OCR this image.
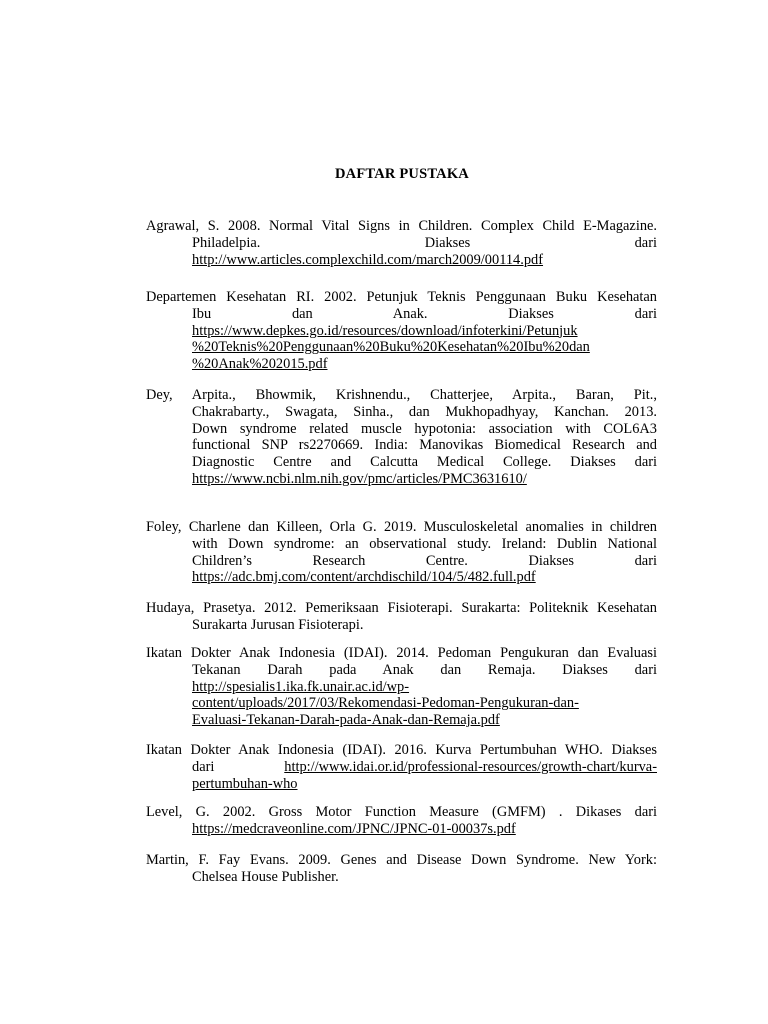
DAFTAR PUSTAKA
Agrawal, S. 2008. Normal Vital Signs in Children. Complex Child E-Magazine.
Philadelpia. Diakses dari
http://www.articles.complexchild.com/march2009/00114.pdf
Departemen Kesehatan RI. 2002. Petunjuk Teknis Penggunaan Buku Kesehatan
Ibu dan Anak. Diakses dari
https://www.depkes.go.id/resources/download/infoterkini/Petunjuk
%20Teknis%20Penggunaan%20Buku%20Kesehatan%20Ibu%20dan
%20Anak%202015.pdf
Dey, Arpita., Bhowmik, Krishnendu., Chatterjee, Arpita., Baran, Pit.,
Chakrabarty., Swagata, Sinha., dan Mukhopadhyay, Kanchan. 2013.
Down syndrome related muscle hypotonia: association with COL6A3
functional SNP rs2270669. India: Manovikas Biomedical Research and
Diagnostic Centre and Calcutta Medical College. Diakses dari
https://www.ncbi.nlm.nih.gov/pmc/articles/PMC3631610/
Foley, Charlene dan Killeen, Orla G. 2019. Musculoskeletal anomalies in children
with Down syndrome: an observational study. Ireland: Dublin National
Children’s Research Centre. Diakses dari
https://adc.bmj.com/content/archdischild/104/5/482.full.pdf
Hudaya, Prasetya. 2012. Pemeriksaan Fisioterapi. Surakarta: Politeknik Kesehatan
Surakarta Jurusan Fisioterapi.
Ikatan Dokter Anak Indonesia (IDAI). 2014. Pedoman Pengukuran dan Evaluasi
Tekanan Darah pada Anak dan Remaja. Diakses dari
http://spesialis1.ika.fk.unair.ac.id/wp-
content/uploads/2017/03/Rekomendasi-Pedoman-Pengukuran-dan-
Evaluasi-Tekanan-Darah-pada-Anak-dan-Remaja.pdf
Ikatan Dokter Anak Indonesia (IDAI). 2016. Kurva Pertumbuhan WHO. Diakses
dari	http://www.idai.or.id/professional-resources/growth-chart/kurva-
pertumbuhan-who
Level, G. 2002. Gross Motor Function Measure (GMFM) . Dikases dari
https://medcraveonline.com/JPNC/JPNC-01-00037s.pdf
Martin, F. Fay Evans. 2009. Genes and Disease Down Syndrome. New York:
Chelsea House Publisher.
